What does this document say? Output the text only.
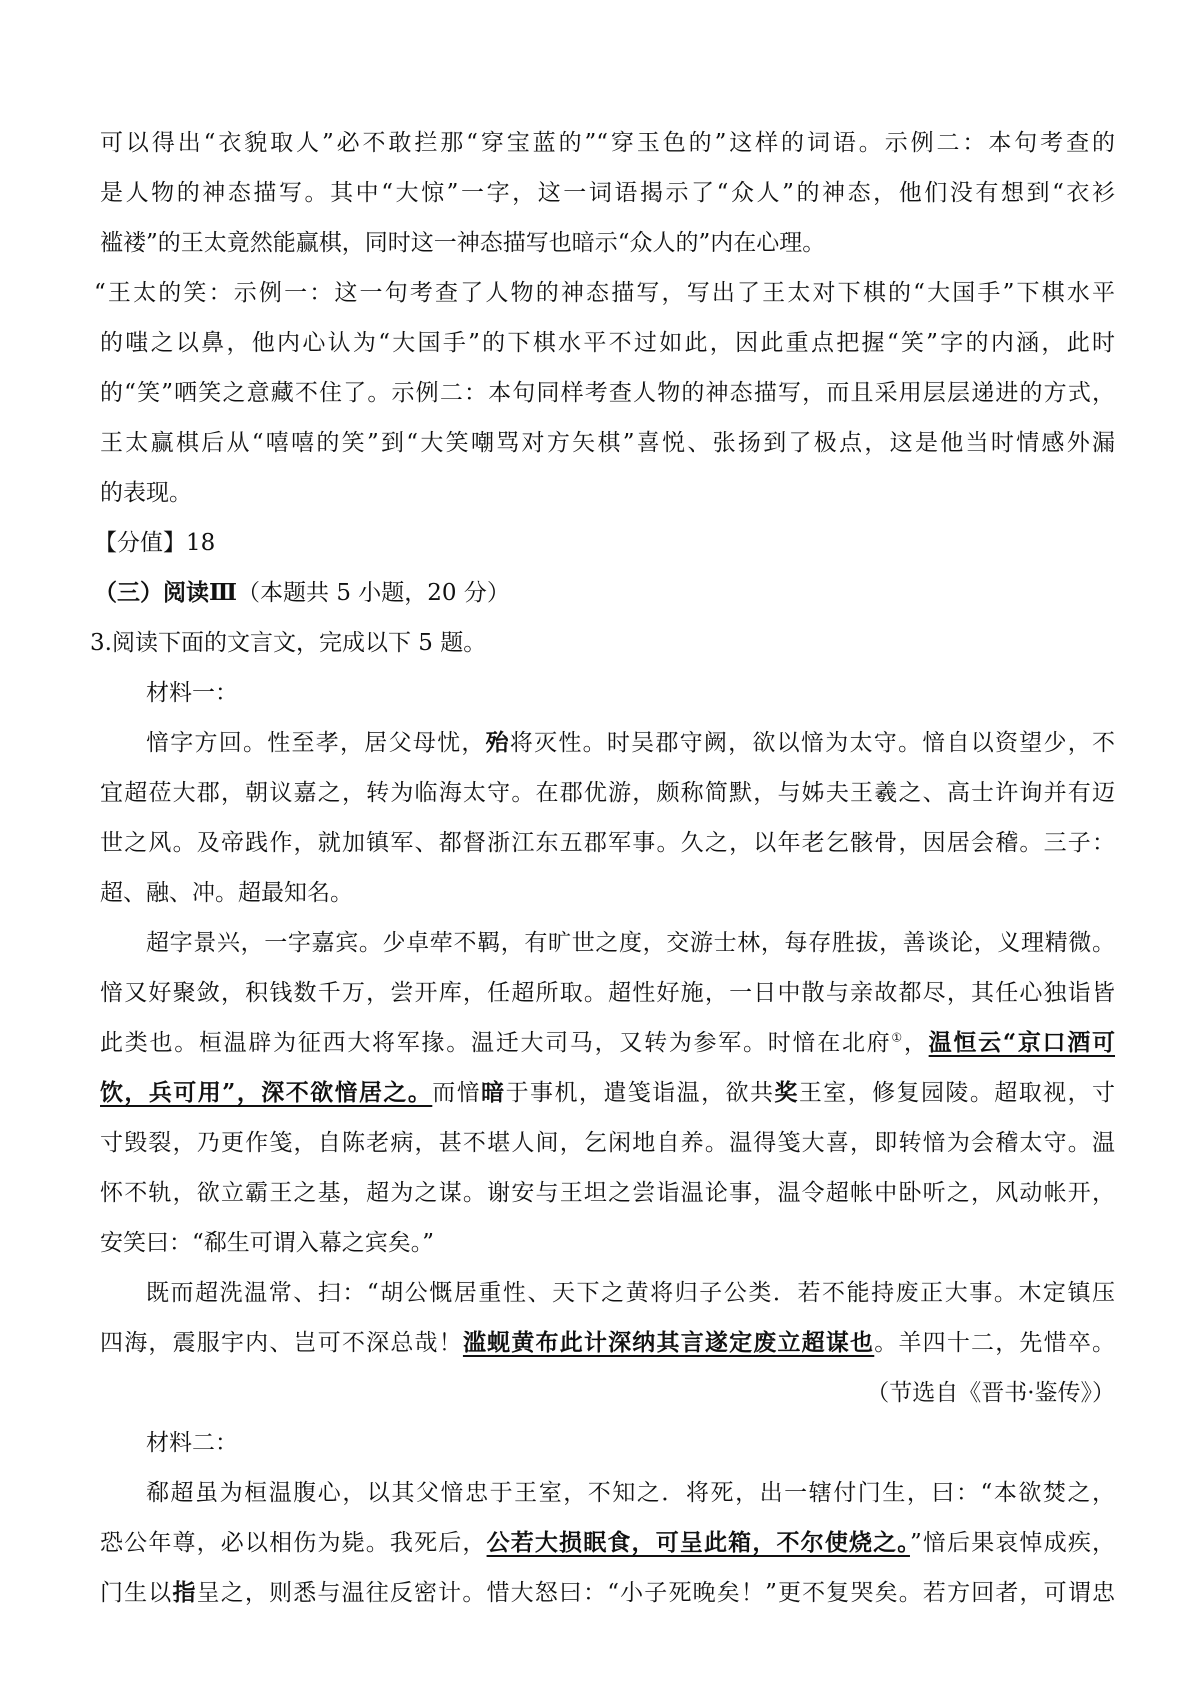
可以得出“衣貌取人”必不敢拦那“穿宝蓝的”“穿玉色的”这样的词语。示例二：本句考查的
是人物的神态描写。其中“大惊”一字，这一词语揭示了“众人”的神态，他们没有想到“衣衫
褴褛”的王太竟然能赢棋，同时这一神态描写也暗示“众人的”内在心理。
“王太的笑：示例一：这一句考查了人物的神态描写，写出了王太对下棋的“大国手”下棋水平
的嗤之以鼻，他内心认为“大国手”的下棋水平不过如此，因此重点把握“笑”字的内涵，此时
的“笑”哂笑之意藏不住了。示例二：本句同样考查人物的神态描写，而且采用层层递进的方式，
王太赢棋后从“嘻嘻的笑”到“大笑嘲骂对方矢棋”喜悦、张扬到了极点，这是他当时情感外漏
的表现。
【分值】18
（三）阅读Ⅲ（本题共 5 小题，20 分）
3.阅读下面的文言文，完成以下 5 题。
材料一：
愔字方回。性至孝，居父母忧，殆将灭性。时吴郡守阙，欲以愔为太守。愔自以资望少，不
宜超莅大郡，朝议嘉之，转为临海太守。在郡优游，颇称简默，与姊夫王羲之、高士许询并有迈
世之风。及帝践作，就加镇军、都督浙江东五郡军事。久之，以年老乞骸骨，因居会稽。三子：
超、融、冲。超最知名。
超字景兴，一字嘉宾。少卓荦不羁，有旷世之度，交游士林，每存胜拔，善谈论，义理精微。
愔又好聚敛，积钱数千万，尝开库，任超所取。超性好施，一日中散与亲故都尽，其任心独诣皆
此类也。桓温辟为征西大将军掾。温迁大司马，又转为参军。时愔在北府①，温恒云“京口酒可
饮，兵可用”，深不欲愔居之。而愔暗于事机，遣笺诣温，欲共奖王室，修复园陵。超取视，寸
寸毁裂，乃更作笺，自陈老病，甚不堪人间，乞闲地自养。温得笺大喜，即转愔为会稽太守。温
怀不轨，欲立霸王之基，超为之谋。谢安与王坦之尝诣温论事，温令超帐中卧听之，风动帐开，
安笑曰：“郗生可谓入幕之宾矣。”
既而超洗温常、扫：“胡公慨居重性、天下之黄将归子公类．若不能持废正大事。木定镇压
四海，震服宇内、岂可不深总哉！滥蚬黄布此计深纳其言遂定废立超谋也。羊四十二，先惜卒。
（节选自《晋书·鉴传》）
材料二：
郗超虽为桓温腹心，以其父愔忠于王室，不知之．将死，出一辖付门生，曰：“本欲焚之，
恐公年尊，必以相伤为毙。我死后，公若大损眠食，可呈此箱，不尔使烧之。”愔后果哀悼成疾，
门生以指呈之，则悉与温往反密计。惜大怒曰：“小子死晚矣！”更不复哭矣。若方回者，可谓忠
